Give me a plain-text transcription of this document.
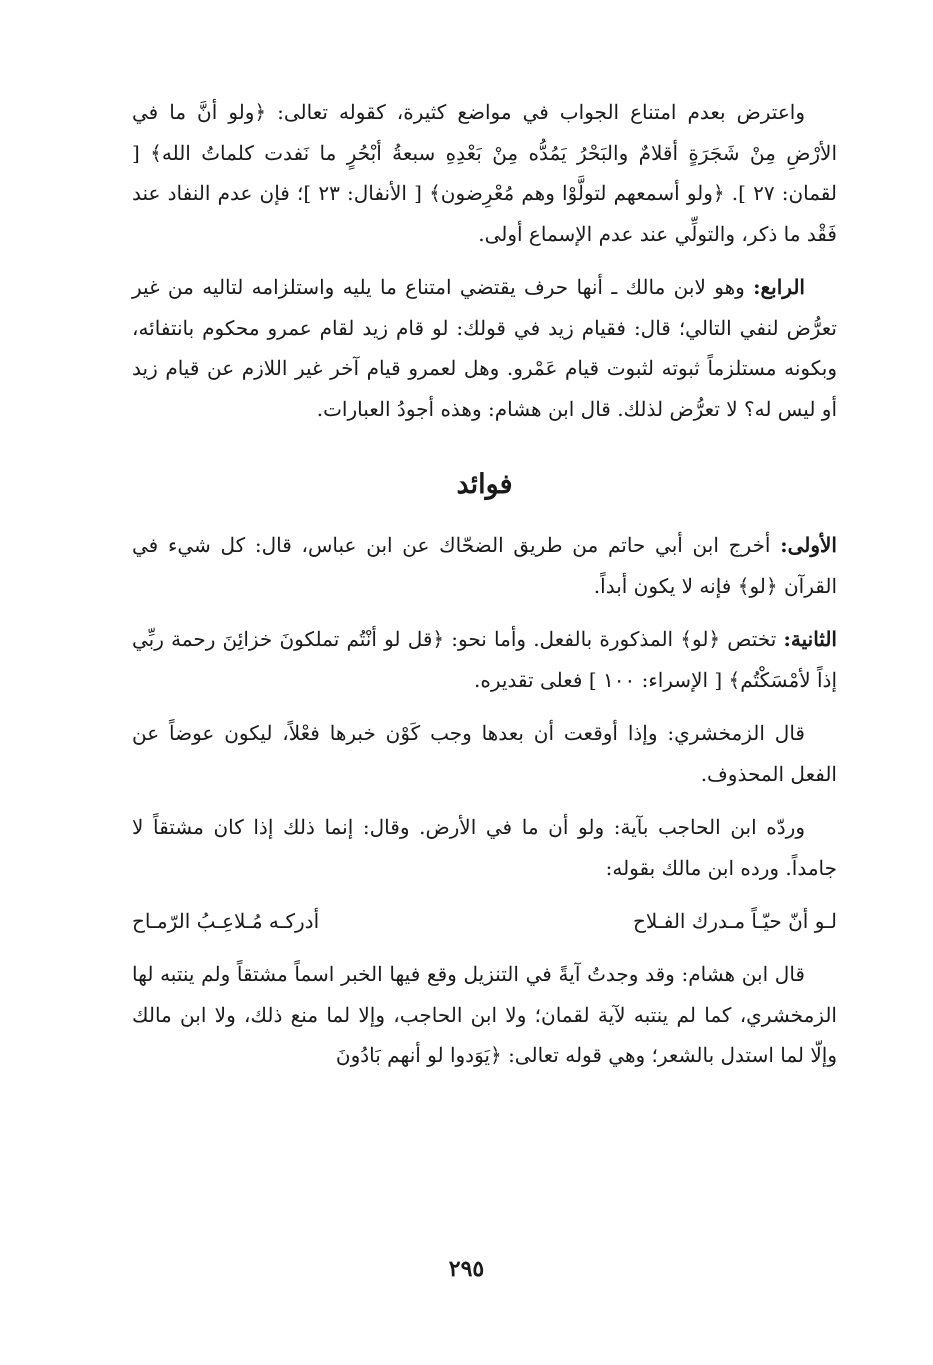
واعترض بعدم امتناع الجواب في مواضع كثيرة، كقوله تعالى: ﴿ولو أنَّ ما في الأرْضِ مِنْ شَجَرَةٍ أقلامٌ والبَحْرُ يَمُدُّه مِنْ بَعْدِهِ سبعةُ أبْحُرٍ ما نَفدت كلماتُ الله﴾ [ لقمان: ٢٧ ]. ﴿ولو أسمعهم لتولَّوْا وهم مُعْرِضون﴾ [ الأنفال: ٢٣ ]؛ فإن عدم النفاد عند فَقْد ما ذكر، والتولِّي عند عدم الإسماع أولى.

الرابع: وهو لابن مالك ـ أنها حرف يقتضي امتناع ما يليه واستلزامه لتاليه من غير تعرُّض لنفي التالي؛ قال: فقيام زيد في قولك: لو قام زيد لقام عمرو محكوم بانتفائه، وبكونه مستلزماً ثبوته لثبوت قيام عَمْرو. وهل لعمرو قيام آخر غير اللازم عن قيام زيد أو ليس له؟ لا تعرُّض لذلك. قال ابن هشام: وهذه أجودُ العبارات.

فوائد

الأولى: أخرج ابن أبي حاتم من طريق الضحّاك عن ابن عباس، قال: كل شيء في القرآن ﴿لو﴾ فإنه لا يكون أبداً.

الثانية: تختص ﴿لو﴾ المذكورة بالفعل. وأما نحو: ﴿قل لو أنْتُم تملكونَ خزائِنَ رحمة ربِّي إذاً لأمْسَكْتُم﴾ [ الإسراء: ١٠٠ ] فعلى تقديره.

قال الزمخشري: وإذا أوقعت أن بعدها وجب كَوْن خبرها فعْلاً، ليكون عوضاً عن الفعل المحذوف.

وردّه ابن الحاجب بآية: ولو أن ما في الأرض. وقال: إنما ذلك إذا كان مشتقاً لا جامداً. ورده ابن مالك بقوله:

لـو أنّ حيّـاً مـدرك الفـلاح
أدركـه مُـلاعِـبُ الرّمـاح

قال ابن هشام: وقد وجدتُ آيةً في التنزيل وقع فيها الخبر اسماً مشتقاً ولم ينتبه لها الزمخشري، كما لم ينتبه لآية لقمان؛ ولا ابن الحاجب، وإلا لما منع ذلك، ولا ابن مالك وإلّا لما استدل بالشعر؛ وهي قوله تعالى: ﴿يَوَدوا لو أنهم بَادُونَ

٢٩٥
